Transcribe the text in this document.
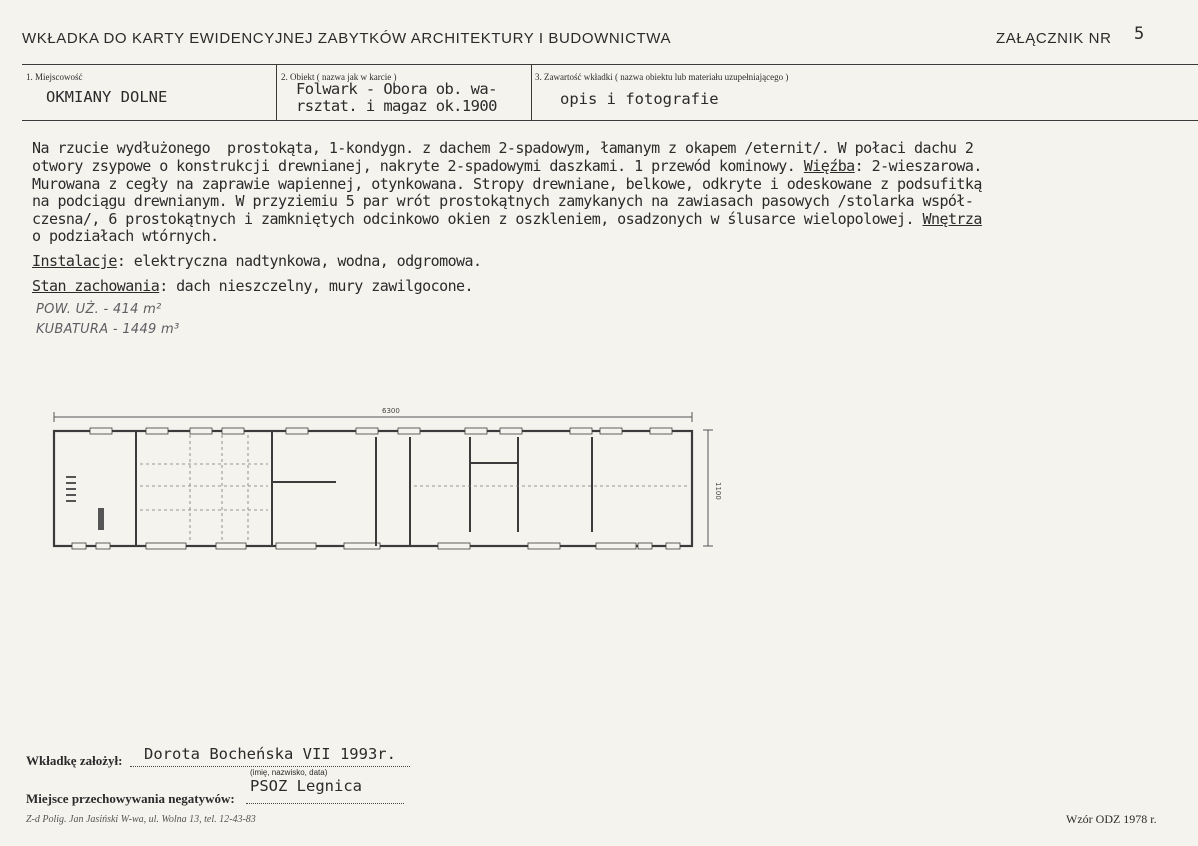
WKŁADKA DO KARTY EWIDENCYJNEJ ZABYTKÓW ARCHITEKTURY I BUDOWNICTWA	ZAŁĄCZNIK NR 5
1. Miejscowość
OKMIANY DOLNE
2. Obiekt ( nazwa jak w karcie )
Folwark - Obora ob. wa-
rsztat. i magaz ok.1900
3. Zawartość wkładki ( nazwa obiektu lub materiału uzupełniającego )
opis i fotografie
Na rzucie wydłużonego  prostokąta, 1-kondygn. z dachem 2-spadowym, łamanym z okapem /eternit/. W połaci dachu 2
otwory zsypowe o konstrukcji drewnianej, nakryte 2-spadowymi daszkami. 1 przewód kominowy. Więźba: 2-wieszarowa.
Murowana z cegły na zaprawie wapiennej, otynkowana. Stropy drewniane, belkowe, odkryte i odeskowane z podsufitką
na podciągu drewnianym. W przyziemiu 5 par wrót prostokątnych zamykanych na zawiasach pasowych /stolarka współ-
czesna/, 6 prostokątnych i zamkniętych odcinkowo okien z oszkleniem, osadzonych w ślusarce wielopolowej. Wnętrza
o podziałach wtórnych.
Instalacje: elektryczna nadtynkowa, wodna, odgromowa.
Stan zachowania: dach nieszczelny, mury zawilgocone.
POW. UŻ. - 414 m²
KUBATURA - 1449 m³
6300
1100
Wkładkę założył: Dorota Bocheńska VII 1993r.
(imię, nazwisko, data)
Miejsce przechowywania negatywów:
PSOZ Legnica
Z-d Polig. Jan Jasiński W-wa, ul. Wolna 13, tel. 12-43-83	Wzór ODZ 1978 r.
